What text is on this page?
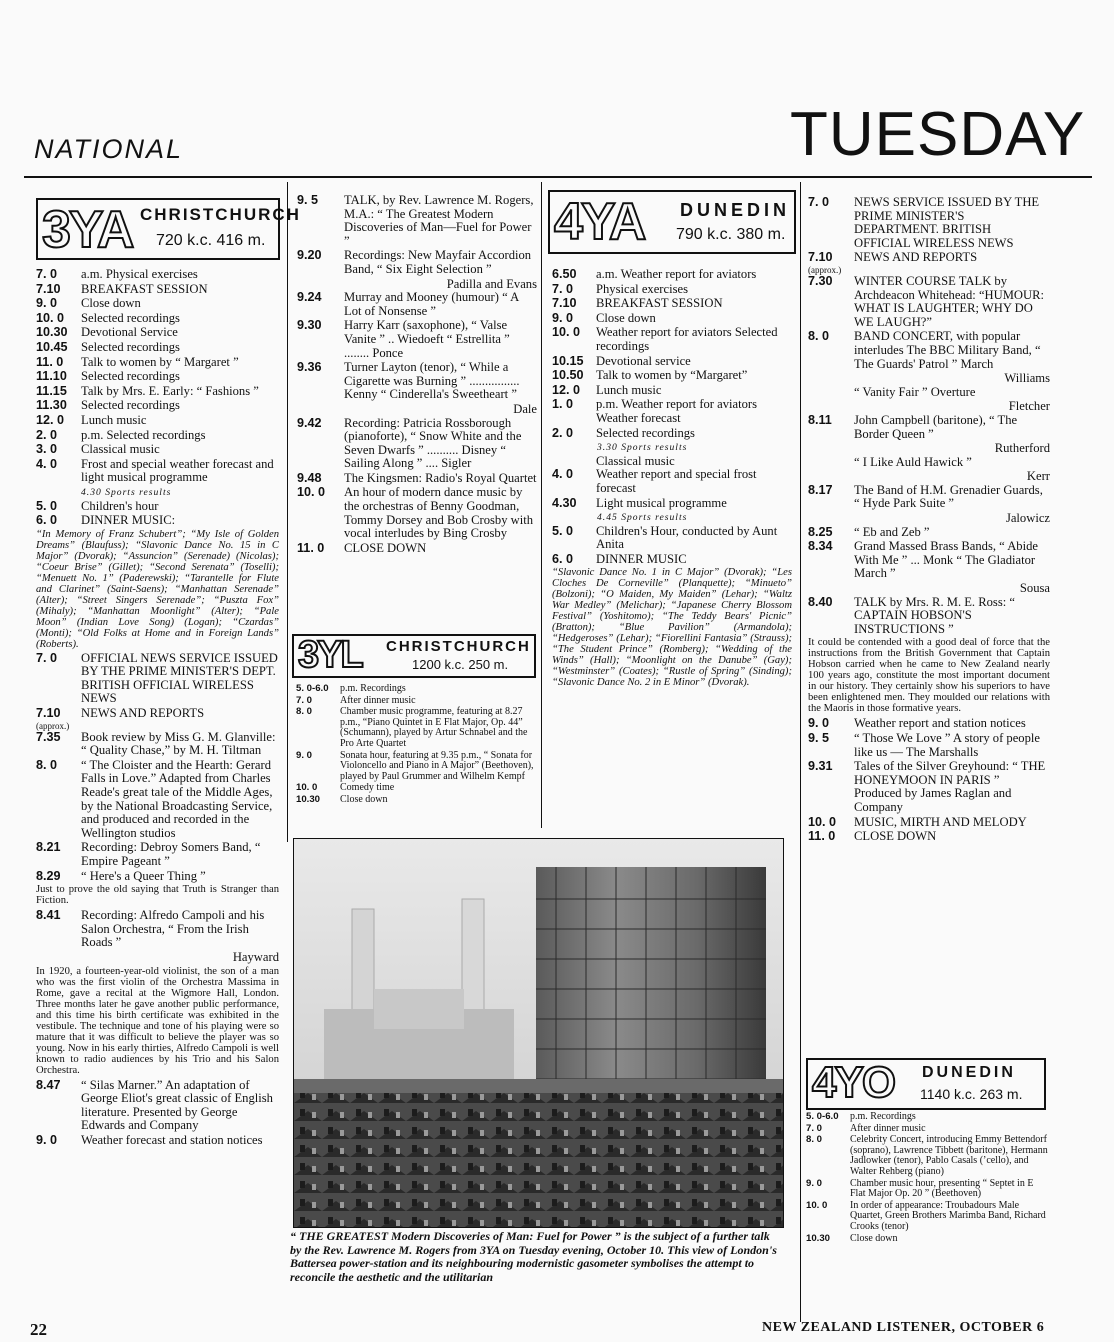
NATIONAL	TUESDAY
3YA CHRISTCHURCH
720 k.c. 416 m.
7. 0	a.m. Physical exercises
7.10	BREAKFAST SESSION
9. 0	Close down
10. 0	Selected recordings
10.30	Devotional Service
10.45	Selected recordings
11. 0	Talk to women by “ Margaret ”
11.10	Selected recordings
11.15	Talk by Mrs. E. Early: “ Fashions ”
11.30	Selected recordings
12. 0	Lunch music
2. 0	p.m. Selected recordings
3. 0	Classical music
4. 0	Frost and special weather forecast and light musical programme
4.30 Sports results
5. 0	Children's hour
6. 0	DINNER MUSIC:
“In Memory of Franz Schubert”; “My Isle of Golden Dreams” (Blaufuss); “Slavonic Dance No. 15 in C Major” (Dvorak); “Assuncion” (Serenade) (Nicolas); “Coeur Brise” (Gillet); “Second Serenata” (Toselli); “Menuett No. 1” (Paderewski); “Tarantelle for Flute and Clarinet” (Saint-Saens); “Manhattan Serenade” (Alter); “Street Singers Serenade”; “Puszta Fox” (Mihaly); “Manhattan Moonlight” (Alter); “Pale Moon” (Indian Love Song) (Logan); “Czardas” (Monti); “Old Folks at Home and in Foreign Lands” (Roberts).
7. 0	OFFICIAL NEWS SERVICE ISSUED BY THE PRIME MINISTER'S DEPT. BRITISH OFFICIAL WIRELESS NEWS
7.10	NEWS AND REPORTS
(approx.)
7.35	Book review by Miss G. M. Glanville: “ Quality Chase,” by M. H. Tiltman
8. 0	“ The Cloister and the Hearth: Gerard Falls in Love.” Adapted from Charles Reade's great tale of the Middle Ages, by the National Broadcasting Service, and produced and recorded in the Wellington studios
8.21	Recording: Debroy Somers Band, “ Empire Pageant ”
8.29	“ Here's a Queer Thing ”
Just to prove the old saying that Truth is Stranger than Fiction.
8.41	Recording: Alfredo Campoli and his Salon Orchestra, “ From the Irish Roads ”
Hayward
In 1920, a fourteen-year-old violinist, the son of a man who was the first violin of the Orchestra Massima in Rome, gave a recital at the Wigmore Hall, London. Three months later he gave another public performance, and this time his birth certificate was exhibited in the vestibule. The technique and tone of his playing were so mature that it was difficult to believe the player was so young. Now in his early thirties, Alfredo Campoli is well known to radio audiences by his Trio and his Salon Orchestra.
8.47	“ Silas Marner.” An adaptation of George Eliot's great classic of English literature. Presented by George Edwards and Company
9. 0	Weather forecast and station notices
9. 5	TALK, by Rev. Lawrence M. Rogers, M.A.: “ The Greatest Modern Discoveries of Man—Fuel for Power ”
9.20	Recordings: New Mayfair Accordion Band, “ Six Eight Selection ”
Padilla and Evans
9.24	Murray and Mooney (humour) “ A Lot of Nonsense ”
9.30	Harry Karr (saxophone), “ Valse Vanite ” .. Wiedoeft “ Estrellita ” ........ Ponce
9.36	Turner Layton (tenor), “ While a Cigarette was Burning ” ................ Kenny “ Cinderella's Sweetheart ”
Dale
9.42	Recording: Patricia Rossborough (pianoforte), “ Snow White and the Seven Dwarfs ” .......... Disney “ Sailing Along ” .... Sigler
9.48	The Kingsmen: Radio's Royal Quartet
10. 0	An hour of modern dance music by the orchestras of Benny Goodman, Tommy Dorsey and Bob Crosby with vocal interludes by Bing Crosby
11. 0	CLOSE DOWN
3YL CHRISTCHURCH
1200 k.c. 250 m.
5. 0-6.0	p.m. Recordings
7. 0	After dinner music
8. 0	Chamber music programme, featuring at 8.27 p.m., “Piano Quintet in E Flat Major, Op. 44” (Schumann), played by Artur Schnabel and the Pro Arte Quartet
9. 0	Sonata hour, featuring at 9.35 p.m., “ Sonata for Violoncello and Piano in A Major” (Beethoven), played by Paul Grummer and Wilhelm Kempf
10. 0	Comedy time
10.30	Close down
4YA DUNEDIN
790 k.c. 380 m.
6.50	a.m. Weather report for aviators
7. 0	Physical exercises
7.10	BREAKFAST SESSION
9. 0	Close down
10. 0	Weather report for aviators Selected recordings
10.15 Devotional service
10.50 Talk to women by “Margaret”
12. 0	Lunch music
1. 0	p.m. Weather report for aviators Weather forecast
2. 0	Selected recordings
3.30 Sports results
Classical music
4. 0	Weather report and special frost forecast
4.30	Light musical programme
4.45 Sports results
5. 0	Children's Hour, conducted by Aunt Anita
6. 0	DINNER MUSIC
“Slavonic Dance No. 1 in C Major” (Dvorak); “Les Cloches De Corneville” (Planquette); “Minueto” (Bolzoni); “O Maiden, My Maiden” (Lehar); “Waltz War Medley” (Melichar); “Japanese Cherry Blossom Festival” (Yoshitomo); “The Teddy Bears' Picnic” (Bratton); “Blue Pavilion” (Armandola); “Hedgeroses” (Lehar); “Fiorellini Fantasia” (Strauss); “The Student Prince” (Romberg); “Wedding of the Winds” (Hall); “Moonlight on the Danube” (Gay); “Westminster” (Coates); “Rustle of Spring” (Sinding); “Slavonic Dance No. 2 in E Minor” (Dvorak).
7. 0	NEWS SERVICE ISSUED BY THE PRIME MINISTER'S DEPARTMENT. BRITISH OFFICIAL WIRELESS NEWS
7.10	NEWS AND REPORTS
(approx.)
7.30	WINTER COURSE TALK by Archdeacon Whitehead: “HUMOUR: WHAT IS LAUGHTER; WHY DO WE LAUGH?”
8. 0	BAND CONCERT, with popular interludes The BBC Military Band, “ The Guards' Patrol ” March
Williams
“ Vanity Fair ” Overture
Fletcher
8.11	John Campbell (baritone), “ The Border Queen ”
Rutherford
“ I Like Auld Hawick ”
Kerr
8.17	The Band of H.M. Grenadier Guards, “ Hyde Park Suite ”
Jalowicz
8.25	“ Eb and Zeb ”
8.34	Grand Massed Brass Bands, “ Abide With Me ” ... Monk “ The Gladiator March ”
Sousa
8.40	TALK by Mrs. R. M. E. Ross: “ CAPTAIN HOBSON'S INSTRUCTIONS ”
It could be contended with a good deal of force that the instructions from the British Government that Captain Hobson carried when he came to New Zealand nearly 100 years ago, constitute the most important document in our history. They certainly show his superiors to have been enlightened men. They moulded our relations with the Maoris in those formative years.
9. 0	Weather report and station notices
9. 5	“ Those We Love ” A story of people like us — The Marshalls
9.31	Tales of the Silver Greyhound: “ THE HONEYMOON IN PARIS ” Produced by James Raglan and Company
10. 0	MUSIC, MIRTH AND MELODY
11. 0	CLOSE DOWN
4YO DUNEDIN
1140 k.c. 263 m.
5. 0-6.0	p.m. Recordings
7. 0	After dinner music
8. 0	Celebrity Concert, introducing Emmy Bettendorf (soprano), Lawrence Tibbett (baritone), Hermann Jadlowker (tenor), Pablo Casals (’cello), and Walter Rehberg (piano)
9. 0	Chamber music hour, presenting “ Septet in E Flat Major Op. 20 ” (Beethoven)
10. 0	In order of appearance: Troubadours Male Quartet, Green Brothers Marimba Band, Richard Crooks (tenor)
10.30	Close down
“ THE GREATEST Modern Discoveries of Man: Fuel for Power ” is the subject of a further talk by the Rev. Lawrence M. Rogers from 3YA on Tuesday evening, October 10. This view of London's Battersea power-station and its neighbouring modernistic gasometer symbolises the attempt to reconcile the aesthetic and the utilitarian
22	NEW ZEALAND LISTENER, OCTOBER 6
